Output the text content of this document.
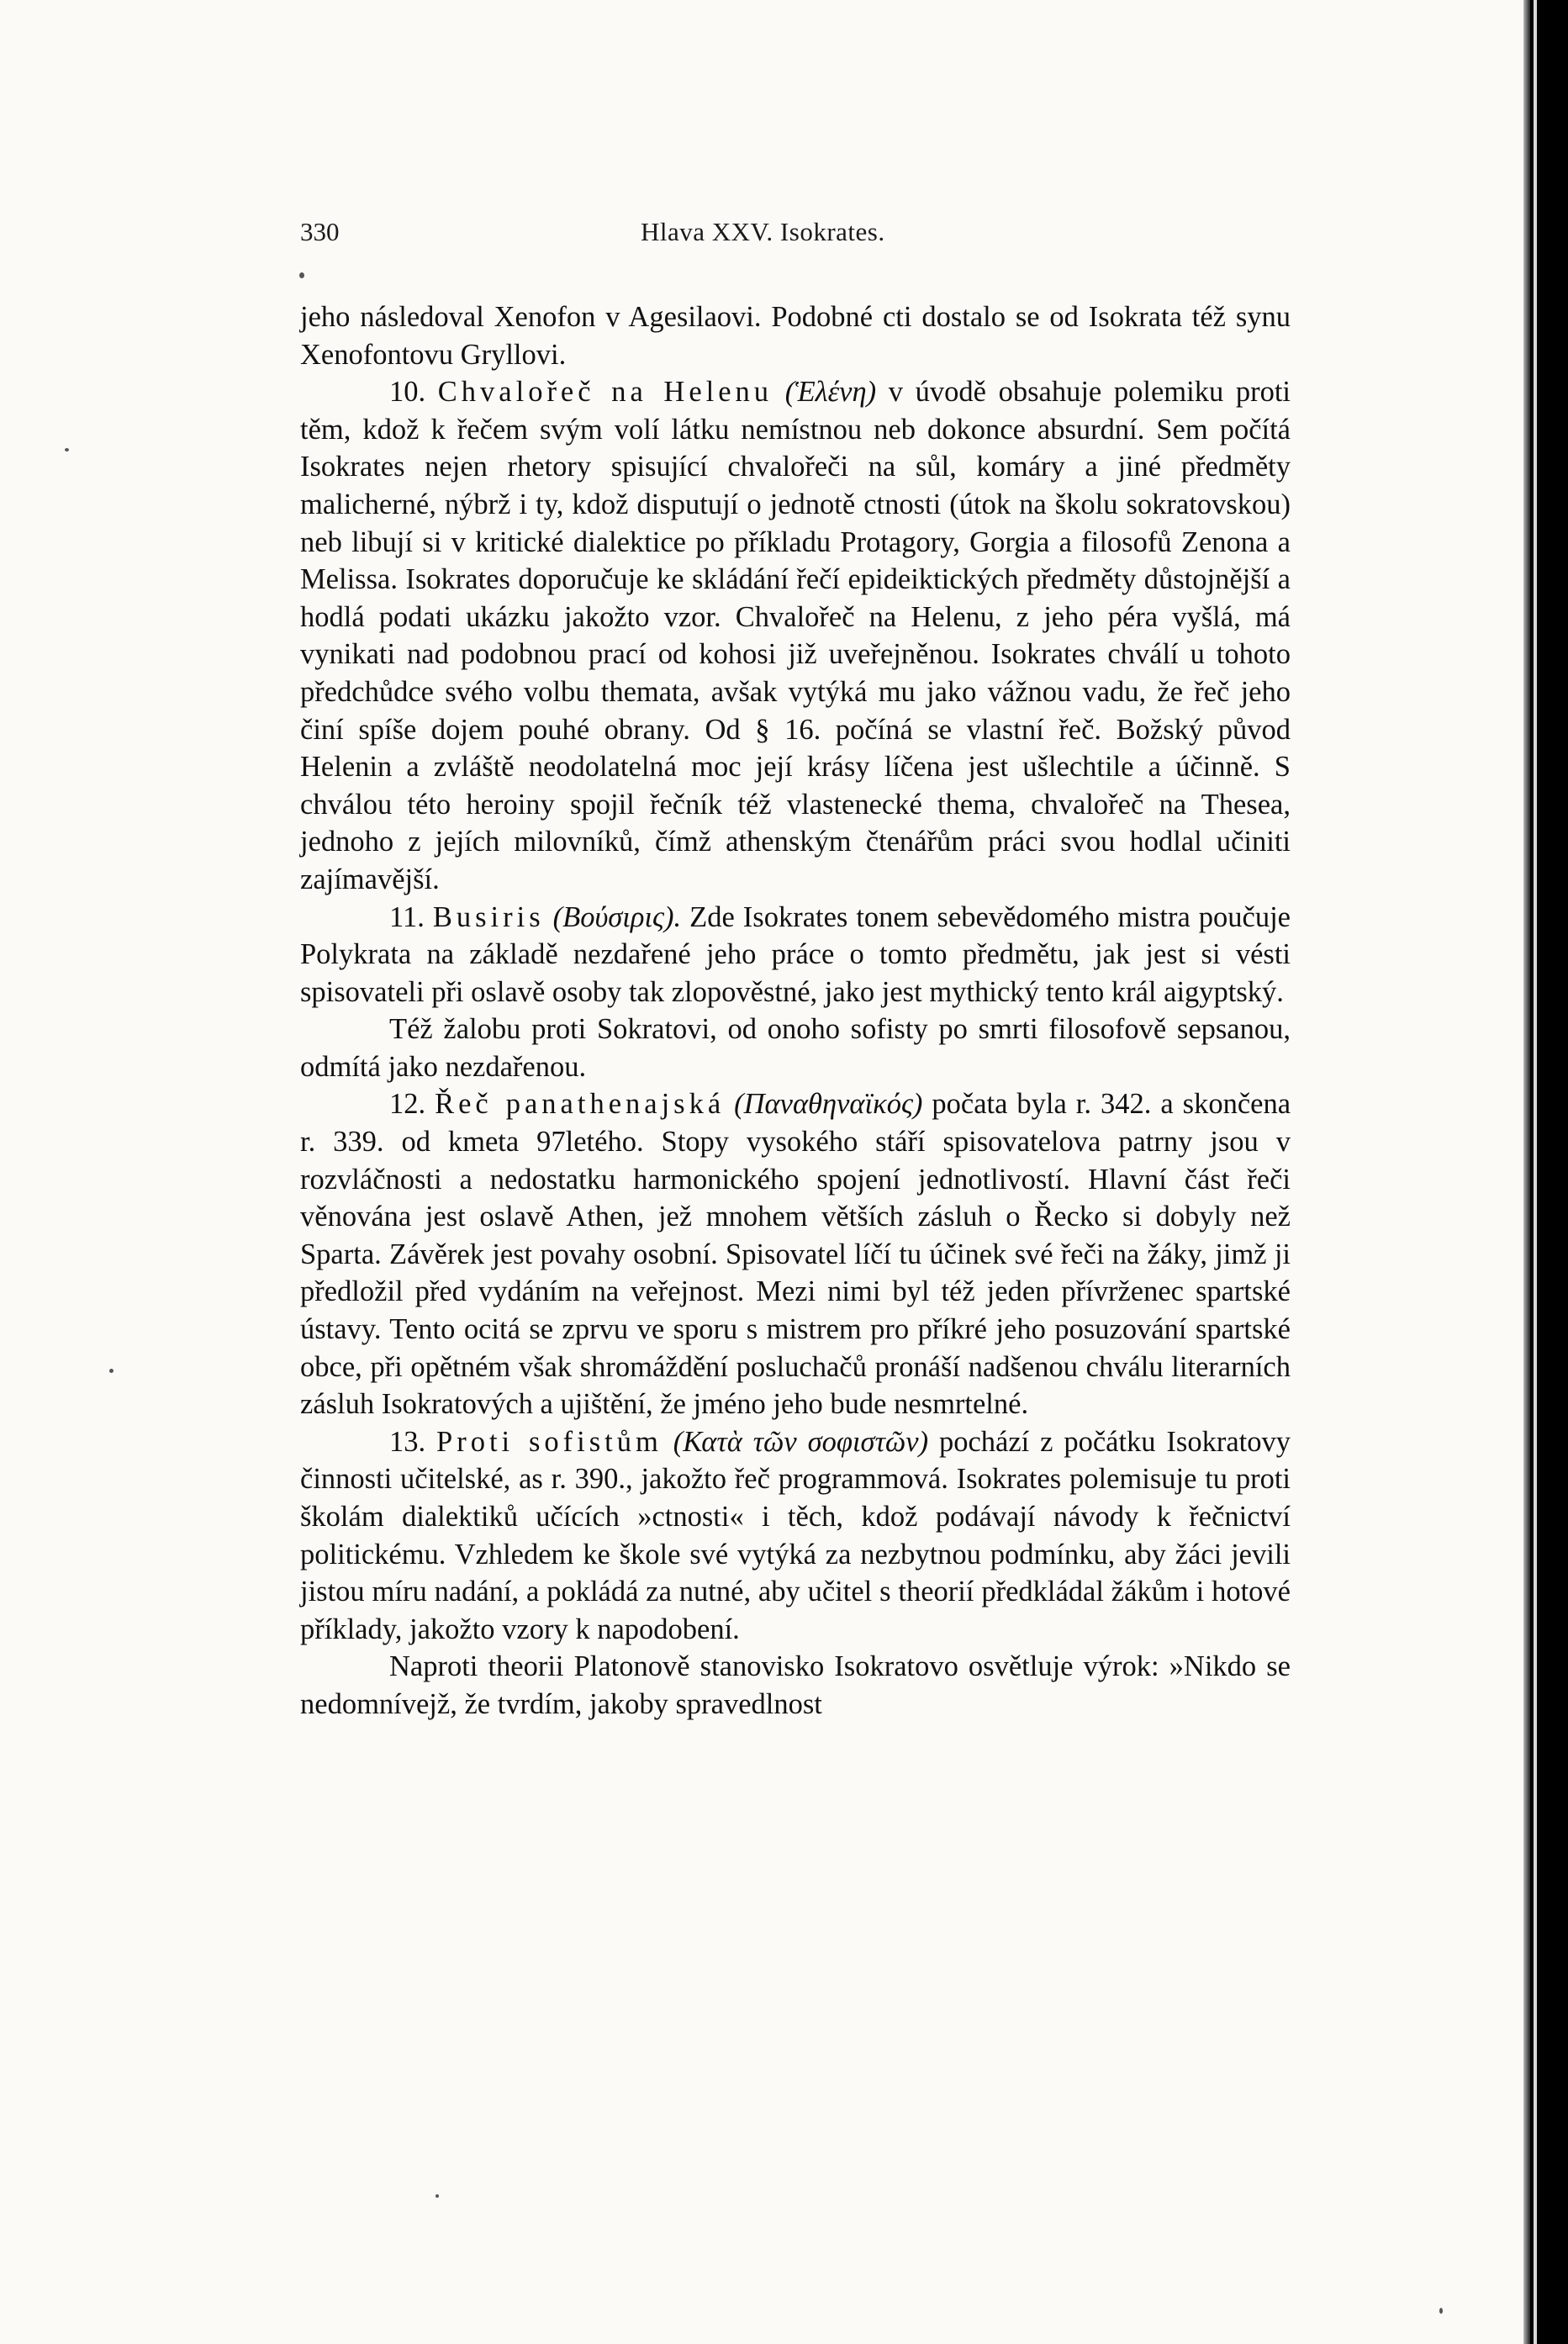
330	Hlava XXV. Isokrates.

jeho následoval Xenofon v Agesilaovi. Podobné cti dostalo se od Isokrata též synu Xenofontovu Gryllovi.

10. Chvalořeč na Helenu (Ἑλένη) v úvodě obsahuje polemiku proti těm, kdož k řečem svým volí látku nemístnou neb dokonce absurdní. Sem počítá Isokrates nejen rhetory spisující chvalořeči na sůl, komáry a jiné předměty malicherné, nýbrž i ty, kdož disputují o jednotě ctnosti (útok na školu sokratovskou) neb libují si v kritické dialektice po příkladu Protagory, Gorgia a filosofů Zenona a Melissa. Isokrates doporučuje ke skládání řečí epideiktických předměty důstojnější a hodlá podati ukázku jakožto vzor. Chvalořeč na Helenu, z jeho péra vyšlá, má vynikati nad podobnou prací od kohosi již uveřejněnou. Isokrates chválí u tohoto předchůdce svého volbu themata, avšak vytýká mu jako vážnou vadu, že řeč jeho činí spíše dojem pouhé obrany. Od § 16. počíná se vlastní řeč. Božský původ Helenin a zvláště neodolatelná moc její krásy líčena jest ušlechtile a účinně. S chválou této heroiny spojil řečník též vlastenecké thema, chvalořeč na Thesea, jednoho z jejích milovníků, čímž athenským čtenářům práci svou hodlal učiniti zajímavější.

11. Busiris (Βούσιρις). Zde Isokrates tonem sebevědomého mistra poučuje Polykrata na základě nezdařené jeho práce o tomto předmětu, jak jest si vésti spisovateli při oslavě osoby tak zlopověstné, jako jest mythický tento král aigyptský.

Též žalobu proti Sokratovi, od onoho sofisty po smrti filosofově sepsanou, odmítá jako nezdařenou.

12. Řeč panathenajská (Παναθηναϊκός) počata byla r. 342. a skončena r. 339. od kmeta 97letého. Stopy vysokého stáří spisovatelova patrny jsou v rozvláčnosti a nedostatku harmonického spojení jednotlivostí. Hlavní část řeči věnována jest oslavě Athen, jež mnohem větších zásluh o Řecko si dobyly než Sparta. Závěrek jest povahy osobní. Spisovatel líčí tu účinek své řeči na žáky, jimž ji předložil před vydáním na veřejnost. Mezi nimi byl též jeden přívrženec spartské ústavy. Tento ocitá se zprvu ve sporu s mistrem pro příkré jeho posuzování spartské obce, při opětném však shromáždění posluchačů pronáší nadšenou chválu literarních zásluh Isokratových a ujištění, že jméno jeho bude nesmrtelné.

13. Proti sofistům (Κατὰ τῶν σοφιστῶν) pochází z počátku Isokratovy činnosti učitelské, as r. 390., jakožto řeč programmová. Isokrates polemisuje tu proti školám dialektiků učících »ctnosti« i těch, kdož podávají návody k řečnictví politickému. Vzhledem ke škole své vytýká za nezbytnou podmínku, aby žáci jevili jistou míru nadání, a pokládá za nutné, aby učitel s theorií předkládal žákům i hotové příklady, jakožto vzory k napodobení.

Naproti theorii Platonově stanovisko Isokratovo osvětluje výrok: »Nikdo se nedomnívejž, že tvrdím, jakoby spravedlnost
